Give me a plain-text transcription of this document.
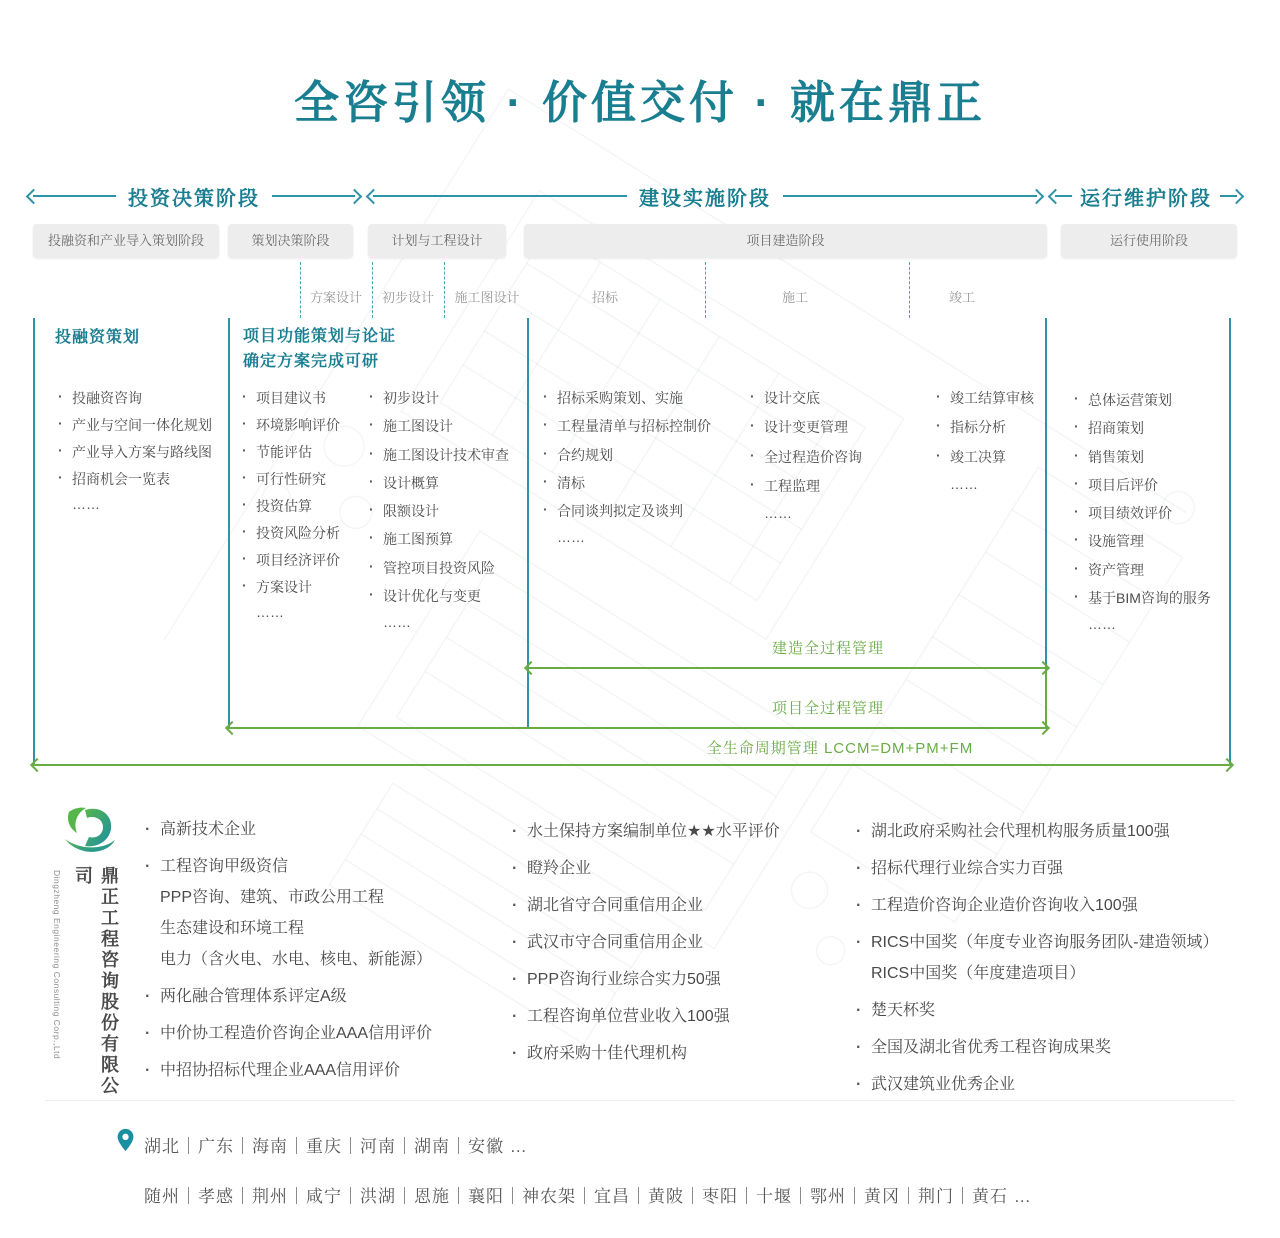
全咨引领 · 价值交付 · 就在鼎正
投资决策阶段	建设实施阶段	运行维护阶段
投融资和产业导入策划阶段	策划决策阶段	计划与工程设计	项目建造阶段	运行使用阶段
方案设计	初步设计	施工图设计	招标	施工	竣工
投融资策划	项目功能策划与论证
确定方案完成可研
· 投融资咨询
· 产业与空间一体化规划
· 产业导入方案与路线图
· 招商机会一览表
……
· 项目建议书
· 环境影响评价
· 节能评估
· 可行性研究
· 投资估算
· 投资风险分析
· 项目经济评价
· 方案设计
……
· 初步设计
· 施工图设计
· 施工图设计技术审查
· 设计概算
· 限额设计
· 施工图预算
· 管控项目投资风险
· 设计优化与变更
……
· 招标采购策划、实施
· 工程量清单与招标控制价
· 合约规划
· 清标
· 合同谈判拟定及谈判
……
· 设计交底
· 设计变更管理
· 全过程造价咨询
· 工程监理
……
· 竣工结算审核
· 指标分析
· 竣工决算
……
· 总体运营策划
· 招商策划
· 销售策划
· 项目后评价
· 项目绩效评价
· 设施管理
· 资产管理
· 基于BIM咨询的服务
……
建造全过程管理
项目全过程管理
全生命周期管理 LCCM=DM+PM+FM
Dingzheng Engineering Consulting Corp.,Ltd	鼎正工程咨询股份有限公司
· 高新技术企业
· 工程咨询甲级资信
PPP咨询、建筑、市政公用工程
生态建设和环境工程
电力（含火电、水电、核电、新能源）
· 两化融合管理体系评定A级
· 中价协工程造价咨询企业AAA信用评价
· 中招协招标代理企业AAA信用评价
· 水土保持方案编制单位★★水平评价
· 瞪羚企业
· 湖北省守合同重信用企业
· 武汉市守合同重信用企业
· PPP咨询行业综合实力50强
· 工程咨询单位营业收入100强
· 政府采购十佳代理机构
· 湖北政府采购社会代理机构服务质量100强
· 招标代理行业综合实力百强
· 工程造价咨询企业造价咨询收入100强
· RICS中国奖（年度专业咨询服务团队-建造领域）
RICS中国奖（年度建造项目）
· 楚天杯奖
· 全国及湖北省优秀工程咨询成果奖
· 武汉建筑业优秀企业
湖北｜广东｜海南｜重庆｜河南｜湖南｜安徽 …
随州｜孝感｜荆州｜咸宁｜洪湖｜恩施｜襄阳｜神农架｜宜昌｜黄陂｜枣阳｜十堰｜鄂州｜黄冈｜荆门｜黄石 …
